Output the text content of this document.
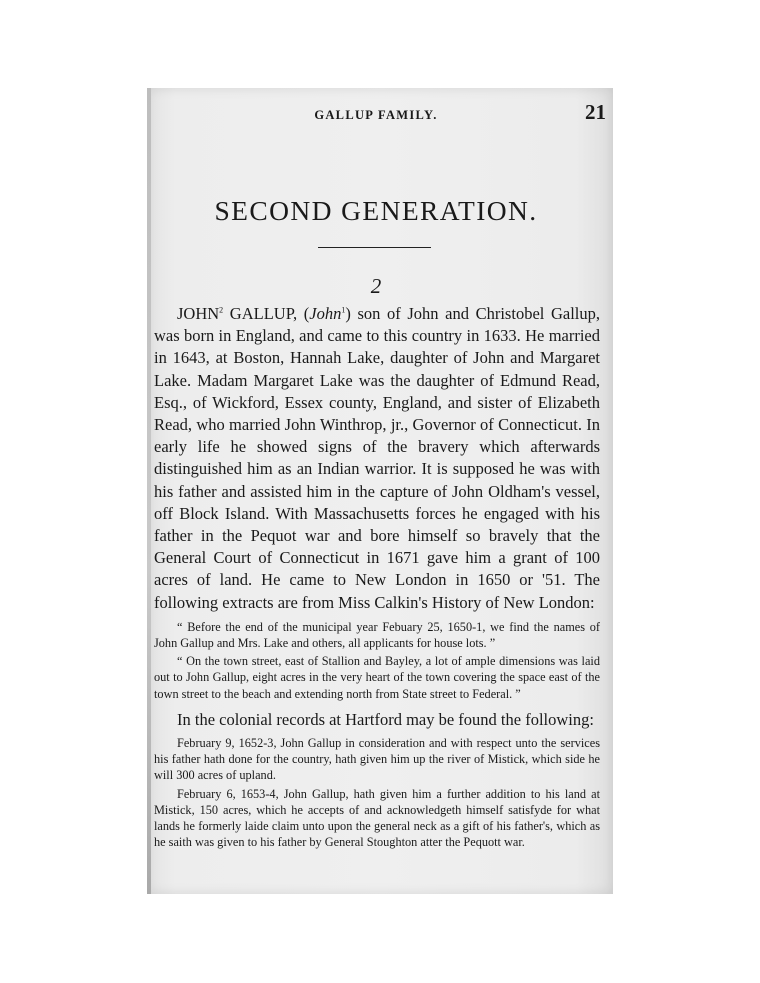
GALLUP FAMILY.	21
SECOND GENERATION.
2

JOHN$^2$ GALLUP, (John$^1$) son of John and Christobel Gallup, was born in England, and came to this country in 1633. He married in 1643, at Boston, Hannah Lake, daughter of John and Margaret Lake. Madam Margaret Lake was the daughter of Edmund Read, Esq., of Wickford, Essex county, England, and sister of Elizabeth Read, who married John Winthrop, jr., Governor of Connecticut. In early life he showed signs of the bravery which afterwards distinguished him as an Indian warrior. It is supposed he was with his father and assisted him in the capture of John Oldham's vessel, off Block Island. With Massachusetts forces he engaged with his father in the Pequot war and bore himself so bravely that the General Court of Connecticut in 1671 gave him a grant of 100 acres of land. He came to New London in 1650 or '51. The following extracts are from Miss Calkin's History of New London:

“ Before the end of the municipal year Febuary 25, 1650-1, we find the names of John Gallup and Mrs. Lake and others, all applicants for house lots. ”

“ On the town street, east of Stallion and Bayley, a lot of ample dimensions was laid out to John Gallup, eight acres in the very heart of the town covering the space east of the town street to the beach and extending north from State street to Federal. ”

In the colonial records at Hartford may be found the following:

February 9, 1652-3, John Gallup in consideration and with respect unto the services his father hath done for the country, hath given him up the river of Mistick, which side he will 300 acres of upland.

February 6, 1653-4, John Gallup, hath given him a further addition to his land at Mistick, 150 acres, which he accepts of and acknowledgeth himself satisfyde for what lands he formerly laide claim unto upon the general neck as a gift of his father's, which as he saith was given to his father by General Stoughton atter the Pequott war.
